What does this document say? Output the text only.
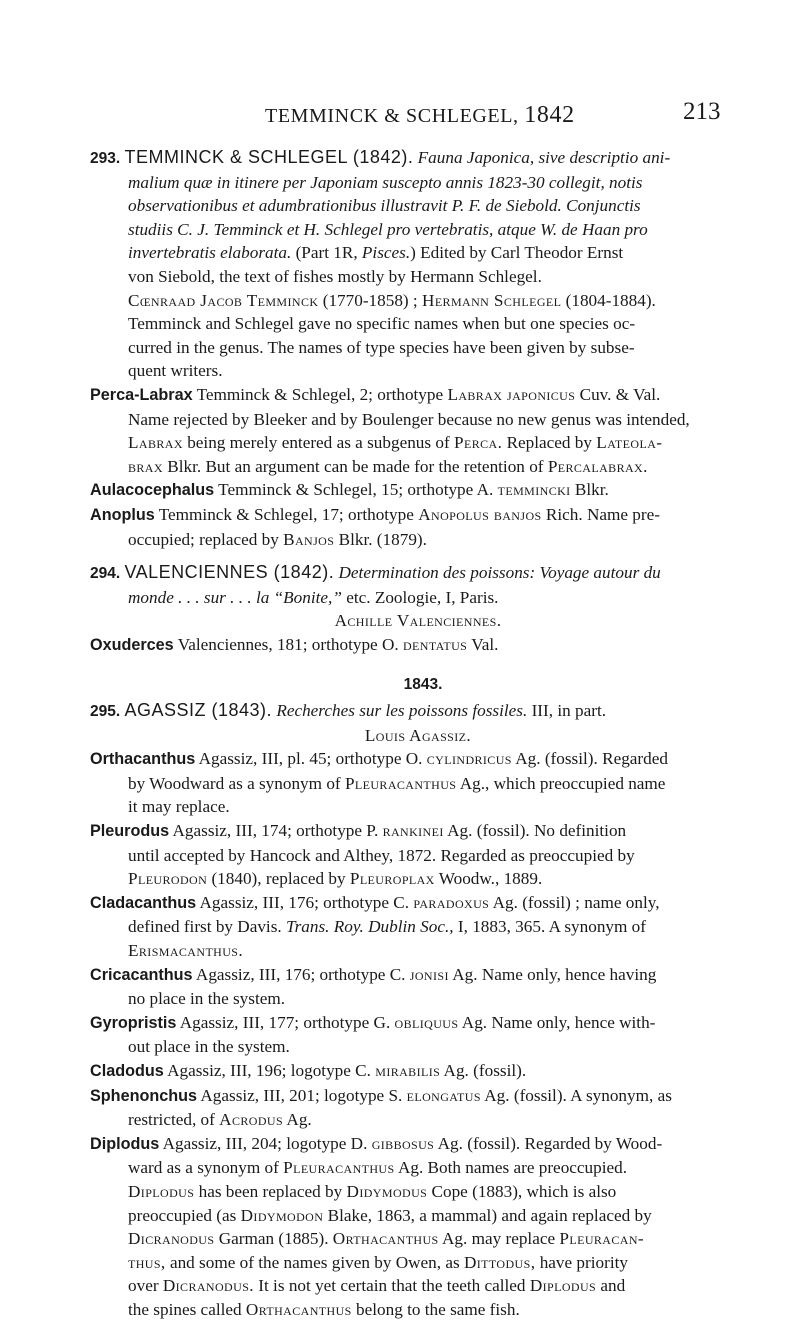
TEMMINCK & SCHLEGEL, 1842	213
293. TEMMINCK & SCHLEGEL (1842). Fauna Japonica, sive descriptio ani-
malium quæ in itinere per Japoniam suscepto annis 1823-30 collegit, notis
observationibus et adumbrationibus illustravit P. F. de Siebold. Conjunctis
studiis C. J. Temminck et H. Schlegel pro vertebratis, atque W. de Haan pro
invertebratis elaborata. (Part 1R, Pisces.) Edited by Carl Theodor Ernst
von Siebold, the text of fishes mostly by Hermann Schlegel.
Cœnraad Jacob Temminck (1770-1858) ; Hermann Schlegel (1804-1884).
Temminck and Schlegel gave no specific names when but one species oc-
curred in the genus. The names of type species have been given by subse-
quent writers.
Perca-Labrax Temminck & Schlegel, 2; orthotype Labrax japonicus Cuv. & Val.
Name rejected by Bleeker and by Boulenger because no new genus was intended,
Labrax being merely entered as a subgenus of Perca. Replaced by Lateola-
brax Blkr. But an argument can be made for the retention of Percalabrax.
Aulacocephalus Temminck & Schlegel, 15; orthotype A. temmincki Blkr.
Anoplus Temminck & Schlegel, 17; orthotype Anopolus banjos Rich. Name pre-
occupied; replaced by Banjos Blkr. (1879).
294. VALENCIENNES (1842). Determination des poissons: Voyage autour du
monde . . . sur . . . la “Bonite,” etc. Zoologie, I, Paris.
Achille Valenciennes.
Oxuderces Valenciennes, 181; orthotype O. dentatus Val.
1843.
295. AGASSIZ (1843). Recherches sur les poissons fossiles. III, in part.
Louis Agassiz.
Orthacanthus Agassiz, III, pl. 45; orthotype O. cylindricus Ag. (fossil). Regarded
by Woodward as a synonym of Pleuracanthus Ag., which preoccupied name
it may replace.
Pleurodus Agassiz, III, 174; orthotype P. rankinei Ag. (fossil). No definition
until accepted by Hancock and Althey, 1872. Regarded as preoccupied by
Pleurodon (1840), replaced by Pleuroplax Woodw., 1889.
Cladacanthus Agassiz, III, 176; orthotype C. paradoxus Ag. (fossil) ; name only,
defined first by Davis. Trans. Roy. Dublin Soc., I, 1883, 365. A synonym of
Erismacanthus.
Cricacanthus Agassiz, III, 176; orthotype C. jonisi Ag. Name only, hence having
no place in the system.
Gyropristis Agassiz, III, 177; orthotype G. obliquus Ag. Name only, hence with-
out place in the system.
Cladodus Agassiz, III, 196; logotype C. mirabilis Ag. (fossil).
Sphenonchus Agassiz, III, 201; logotype S. elongatus Ag. (fossil). A synonym, as
restricted, of Acrodus Ag.
Diplodus Agassiz, III, 204; logotype D. gibbosus Ag. (fossil). Regarded by Wood-
ward as a synonym of Pleuracanthus Ag. Both names are preoccupied.
Diplodus has been replaced by Didymodus Cope (1883), which is also
preoccupied (as Didymodon Blake, 1863, a mammal) and again replaced by
Dicranodus Garman (1885). Orthacanthus Ag. may replace Pleuracan-
thus, and some of the names given by Owen, as Dittodus, have priority
over Dicranodus. It is not yet certain that the teeth called Diplodus and
the spines called Orthacanthus belong to the same fish.
